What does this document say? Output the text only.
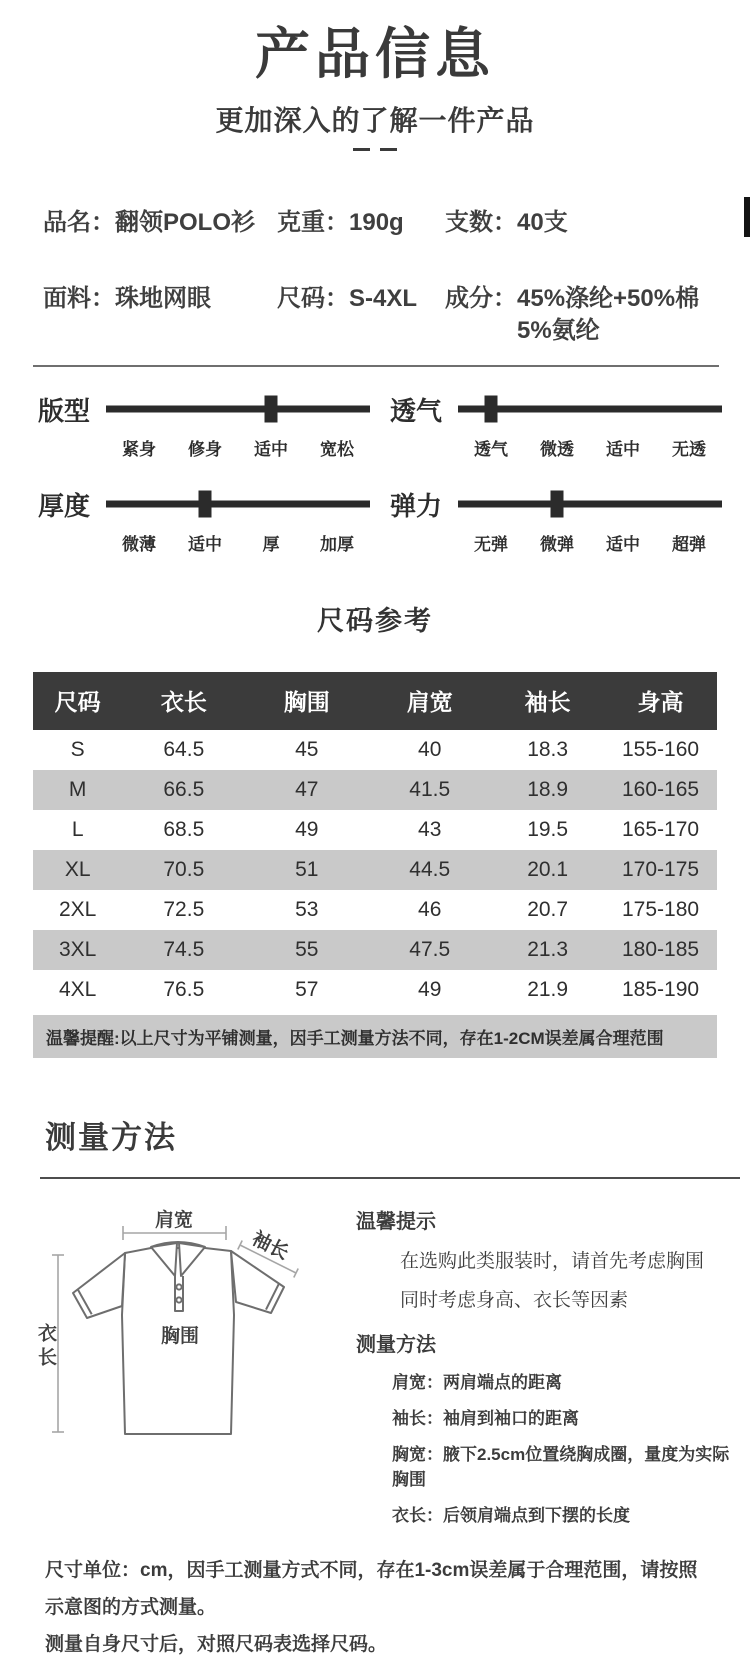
产品信息
更加深入的了解一件产品
品名：翻领POLO衫 克重：190g	支数：40支
面料：珠地网眼	尺码：S-4XL	成分：45%涤纶+50%棉
5%氨纶
版型
紧身	修身	适中	宽松
透气
透气	微透	适中	无透
厚度
微薄	适中	厚	加厚
弹力
无弹	微弹	适中	超弹
尺码参考
尺码	衣长	胸围	肩宽	袖长	身高
S	64.5	45	40	18.3	155-160
M	66.5	47	41.5	18.9	160-165
L	68.5	49	43	19.5	165-170
XL	70.5	51	44.5	20.1	170-175
2XL	72.5	53	46	20.7	175-180
3XL	74.5	55	47.5	21.3	180-185
4XL	76.5	57	49	21.9	185-190
温馨提醒:以上尺寸为平铺测量，因手工测量方法不同，存在1-2CM误差属合理范围
测量方法
肩宽
袖长
胸围
衣长
温馨提示
在选购此类服装时，请首先考虑胸围
同时考虑身高、衣长等因素
测量方法
肩宽：两肩端点的距离
袖长：袖肩到袖口的距离
胸宽：腋下2.5cm位置绕胸成圈，量度为实际胸围
衣长：后领肩端点到下摆的长度
尺寸单位：cm，因手工测量方式不同，存在1-3cm误差属于合理范围，请按照示意图的方式测量。
测量自身尺寸后，对照尺码表选择尺码。
